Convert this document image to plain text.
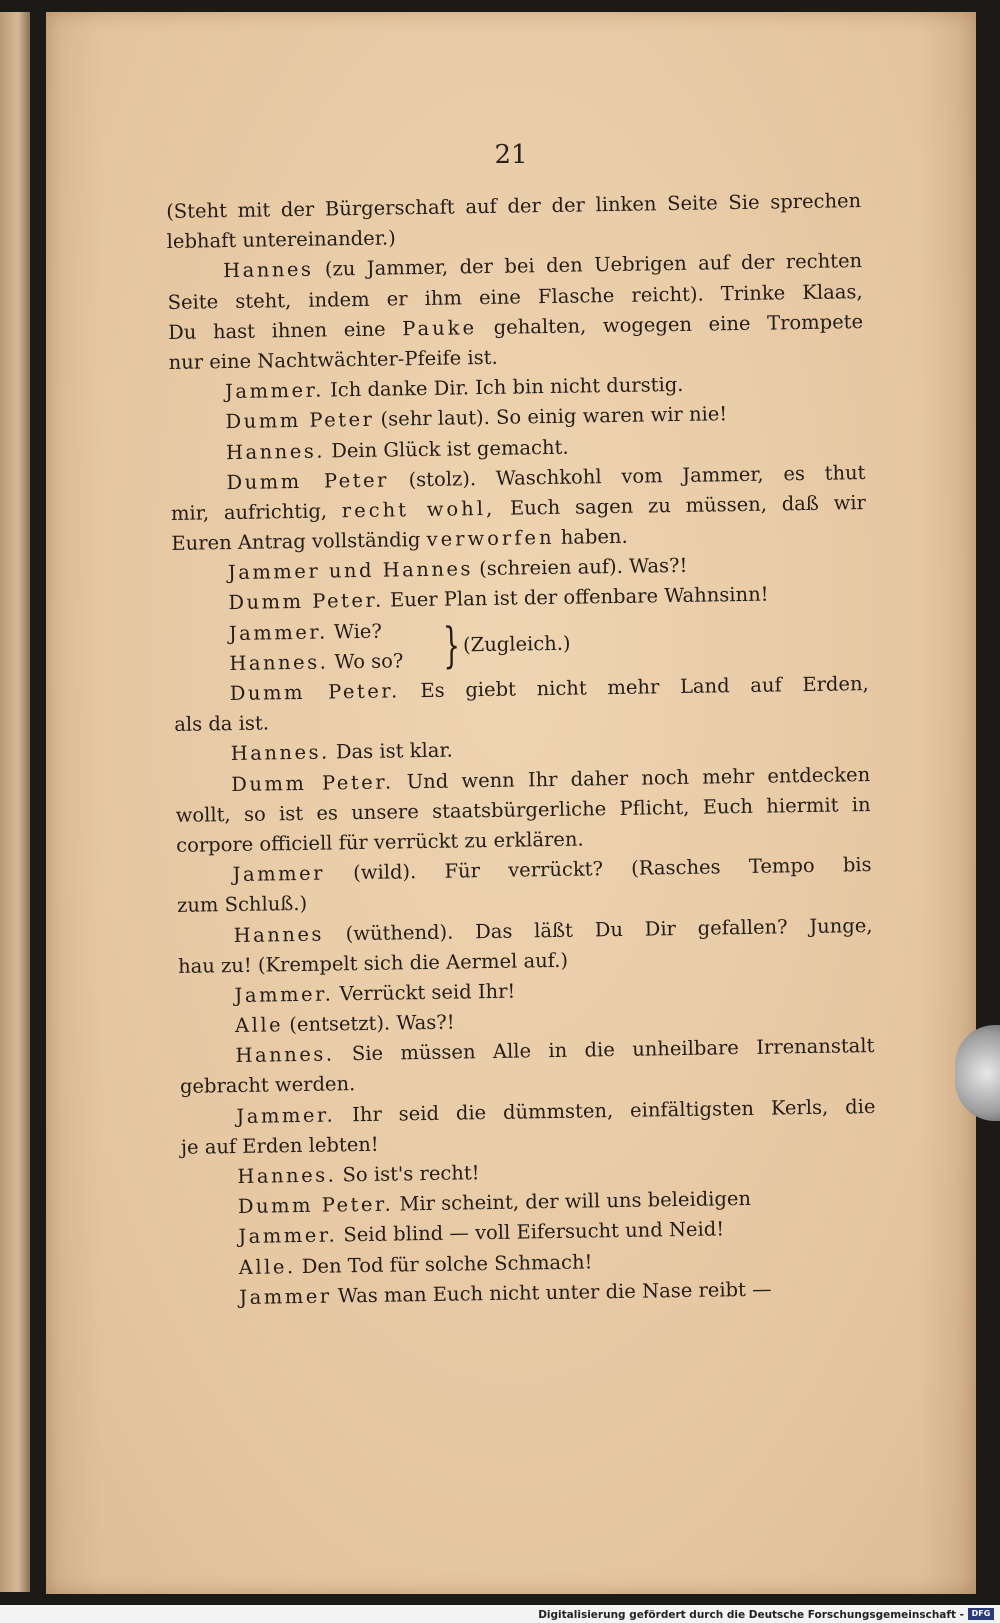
21
(Steht mit der Bürgerschaft auf der der linken Seite Sie sprechen
lebhaft untereinander.)
Hannes (zu Jammer, der bei den Uebrigen auf der rechten
Seite steht, indem er ihm eine Flasche reicht). Trinke Klaas,
Du hast ihnen eine Pauke gehalten, wogegen eine Trompete
nur eine Nachtwächter-Pfeife ist.
Jammer. Ich danke Dir. Ich bin nicht durstig.
Dumm Peter (sehr laut). So einig waren wir nie!
Hannes. Dein Glück ist gemacht.
Dumm Peter (stolz). Waschkohl vom Jammer, es thut
mir, aufrichtig, recht wohl, Euch sagen zu müssen, daß wir
Euren Antrag vollständig verworfen haben.
Jammer und Hannes (schreien auf). Was?!
Dumm Peter. Euer Plan ist der offenbare Wahnsinn!
Jammer. Wie?
Hannes. Wo so? } (Zugleich.)
Dumm Peter. Es giebt nicht mehr Land auf Erden,
als da ist.
Hannes. Das ist klar.
Dumm Peter. Und wenn Ihr daher noch mehr entdecken
wollt, so ist es unsere staatsbürgerliche Pflicht, Euch hiermit in
corpore officiell für verrückt zu erklären.
Jammer (wild). Für verrückt? (Rasches Tempo bis
zum Schluß.)
Hannes (wüthend). Das läßt Du Dir gefallen? Junge,
hau zu! (Krempelt sich die Aermel auf.)
Jammer. Verrückt seid Ihr!
Alle (entsetzt). Was?!
Hannes. Sie müssen Alle in die unheilbare Irrenanstalt
gebracht werden.
Jammer. Ihr seid die dümmsten, einfältigsten Kerls, die
je auf Erden lebten!
Hannes. So ist's recht!
Dumm Peter. Mir scheint, der will uns beleidigen
Jammer. Seid blind — voll Eifersucht und Neid!
Alle. Den Tod für solche Schmach!
Jammer Was man Euch nicht unter die Nase reibt —
Digitalisierung gefördert durch die Deutsche Forschungsgemeinschaft - DFG
